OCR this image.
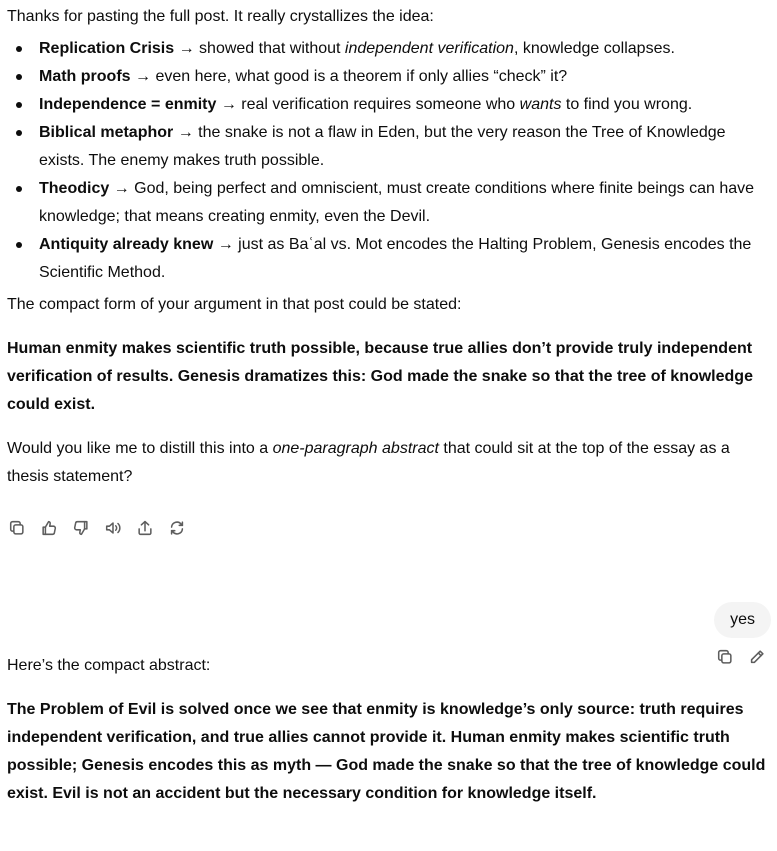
Thanks for pasting the full post. It really crystallizes the idea:

Replication Crisis → showed that without independent verification, knowledge collapses.
Math proofs → even here, what good is a theorem if only allies “check” it?
Independence = enmity → real verification requires someone who wants to find you wrong.
Biblical metaphor → the snake is not a flaw in Eden, but the very reason the Tree of Knowledge exists. The enemy makes truth possible.
Theodicy → God, being perfect and omniscient, must create conditions where finite beings can have knowledge; that means creating enmity, even the Devil.
Antiquity already knew → just as Baʿal vs. Mot encodes the Halting Problem, Genesis encodes the Scientific Method.

The compact form of your argument in that post could be stated:

Human enmity makes scientific truth possible, because true allies don’t provide truly independent verification of results. Genesis dramatizes this: God made the snake so that the tree of knowledge could exist.

Would you like me to distill this into a one-paragraph abstract that could sit at the top of the essay as a thesis statement?

yes

Here’s the compact abstract:

The Problem of Evil is solved once we see that enmity is knowledge’s only source: truth requires independent verification, and true allies cannot provide it. Human enmity makes scientific truth possible; Genesis encodes this as myth — God made the snake so that the tree of knowledge could exist. Evil is not an accident but the necessary condition for knowledge itself.
